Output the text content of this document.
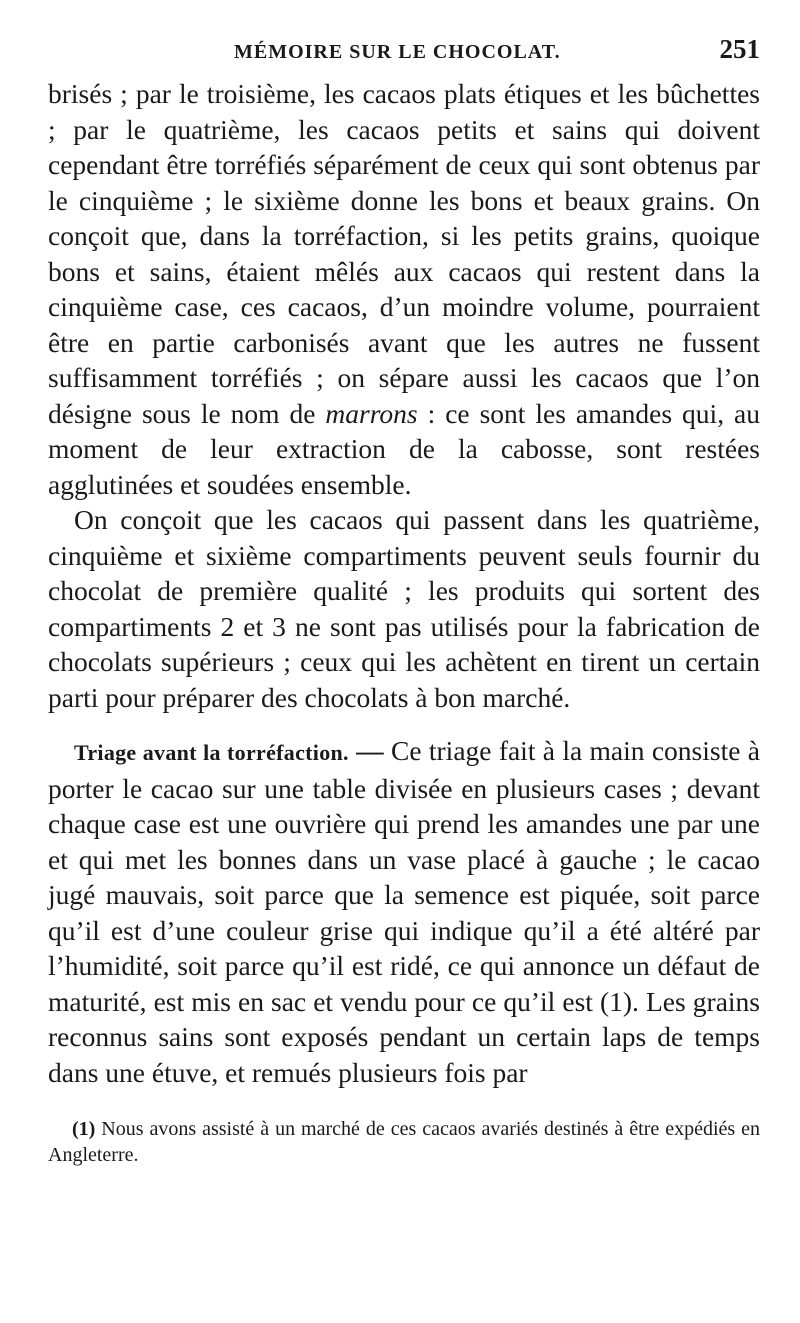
MÉMOIRE SUR LE CHOCOLAT.	251

brisés ; par le troisième, les cacaos plats étiques et les bûchettes ; par le quatrième, les cacaos petits et sains qui doivent cependant être torréfiés séparément de ceux qui sont obtenus par le cinquième ; le sixième donne les bons et beaux grains. On conçoit que, dans la torréfaction, si les petits grains, quoique bons et sains, étaient mêlés aux cacaos qui restent dans la cinquième case, ces cacaos, d’un moindre volume, pourraient être en partie carbonisés avant que les autres ne fussent suffisamment torréfiés ; on sépare aussi les cacaos que l’on désigne sous le nom de marrons : ce sont les amandes qui, au moment de leur extraction de la cabosse, sont restées agglutinées et soudées ensemble.

On conçoit que les cacaos qui passent dans les quatrième, cinquième et sixième compartiments peuvent seuls fournir du chocolat de première qualité ; les produits qui sortent des compartiments 2 et 3 ne sont pas utilisés pour la fabrication de chocolats supérieurs ; ceux qui les achètent en tirent un certain parti pour préparer des chocolats à bon marché.

Triage avant la torréfaction. — Ce triage fait à la main consiste à porter le cacao sur une table divisée en plusieurs cases ; devant chaque case est une ouvrière qui prend les amandes une par une et qui met les bonnes dans un vase placé à gauche ; le cacao jugé mauvais, soit parce que la semence est piquée, soit parce qu’il est d’une couleur grise qui indique qu’il a été altéré par l’humidité, soit parce qu’il est ridé, ce qui annonce un défaut de maturité, est mis en sac et vendu pour ce qu’il est (1). Les grains reconnus sains sont exposés pendant un certain laps de temps dans une étuve, et remués plusieurs fois par

(1) Nous avons assisté à un marché de ces cacaos avariés destinés à être expédiés en Angleterre.
